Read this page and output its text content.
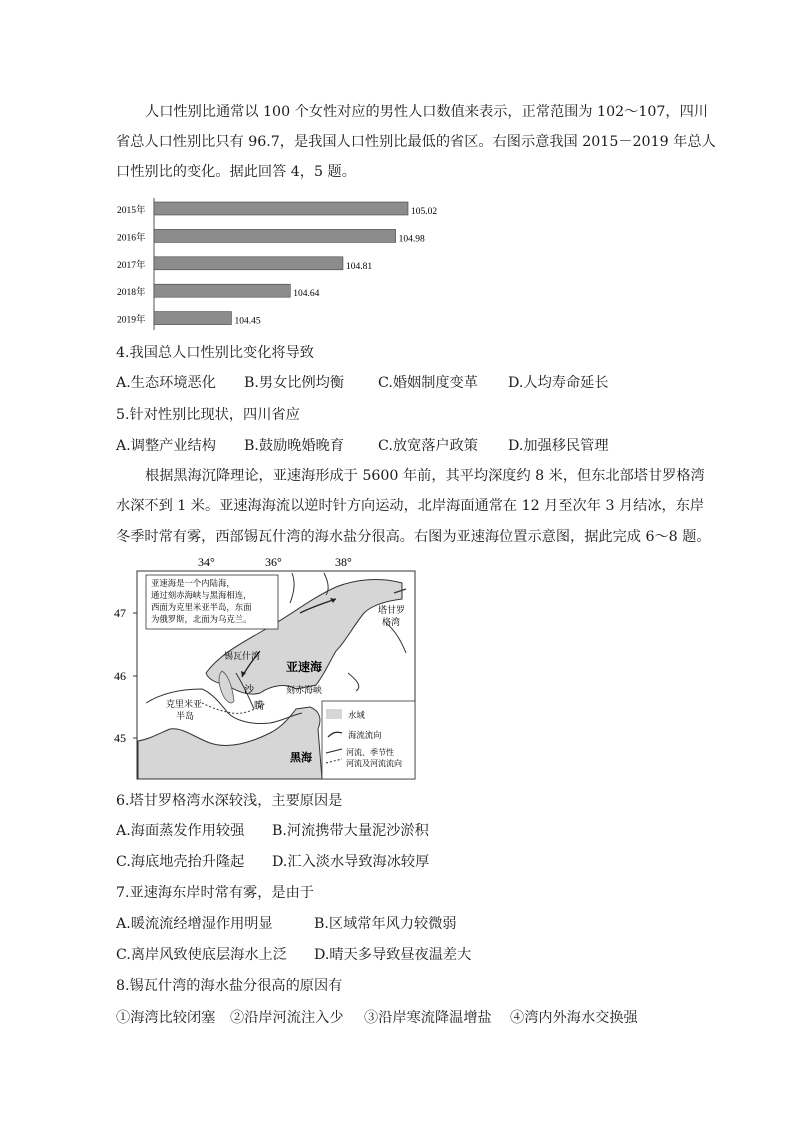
人口性别比通常以 100 个女性对应的男性人口数值来表示，正常范围为 102～107，四川
省总人口性别比只有 96.7，是我国人口性别比最低的省区。右图示意我国 2015－2019 年总人
口性别比的变化。据此回答 4，5 题。
2015年	105.02
2016年	104.98
2017年	104.81
2018年	104.64
2019年	104.45
4.我国总人口性别比变化将导致
A.生态环境恶化 B.男女比例均衡 C.婚姻制度变革 D.人均寿命延长
5.针对性别比现状，四川省应
A.调整产业结构 B.鼓励晚婚晚育 C.放宽落户政策 D.加强移民管理
根据黑海沉降理论，亚速海形成于 5600 年前，其平均深度约 8 米，但东北部塔甘罗格湾
水深不到 1 米。亚速海海流以逆时针方向运动，北岸海面通常在 12 月至次年 3 月结冰，东岸
冬季时常有雾，西部锡瓦什湾的海水盐分很高。右图为亚速海位置示意图，据此完成 6～8 题。
34°	36°	38°
47
46
45
亚速海是一个内陆海，
通过刻赤海峡与黑海相连，
西面为克里米亚半岛，东面
为俄罗斯，北面为乌克兰。
亚速海
塔甘罗
格湾
锡瓦什湾
沙
嘴
克里米亚
半岛
刻赤海峡
黑海
水域
海流流向
河流、季节性
河流及河流流向
6.塔甘罗格湾水深较浅，主要原因是
A.海面蒸发作用较强 B.河流携带大量泥沙淤积
C.海底地壳抬升隆起 D.汇入淡水导致海冰较厚
7.亚速海东岸时常有雾，是由于
A.暖流流经增湿作用明显	B.区域常年风力较微弱
C.离岸风致使底层海水上泛 D.晴天多导致昼夜温差大
8.锡瓦什湾的海水盐分很高的原因有
①海湾比较闭塞 ②沿岸河流注入少 ③沿岸寒流降温增盐 ④湾内外海水交换强
